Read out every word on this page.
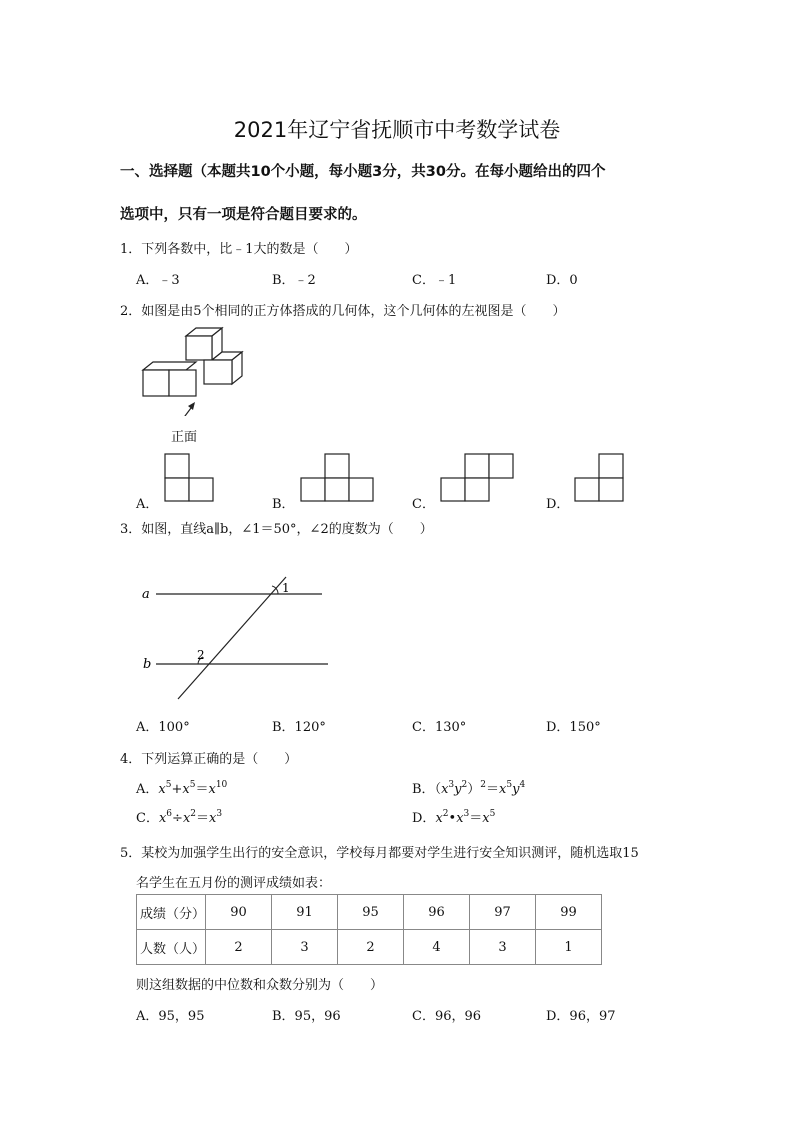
2021年辽宁省抚顺市中考数学试卷
一、选择题（本题共10个小题，每小题3分，共30分。在每小题给出的四个
选项中，只有一项是符合题目要求的。
1．下列各数中，比﹣1大的数是（　　）
A．﹣3	B．﹣2	C．﹣1	D．0
2．如图是由5个相同的正方体搭成的几何体，这个几何体的左视图是（　　）
正面
A．	B．	C．	D．
3．如图，直线a∥b，∠1＝50°，∠2的度数为（　　）
a
b
1
2
A．100°	B．120°	C．130°	D．150°
4．下列运算正确的是（　　）
A．$x^5+x^5=x^{10}$	B．$(x^3y^2)^2=x^5y^4$
C．$x^6\div x^2=x^3$	D．$x^2•x^3=x^5$
5．某校为加强学生出行的安全意识，学校每月都要对学生进行安全知识测评，随机选取15
名学生在五月份的测评成绩如表：
成绩（分）	90	91	95	96	97	99
人数（人）	2	3	2	4	3	1
则这组数据的中位数和众数分别为（　　）
A．95，95	B．95，96	C．96，96	D．96，97
